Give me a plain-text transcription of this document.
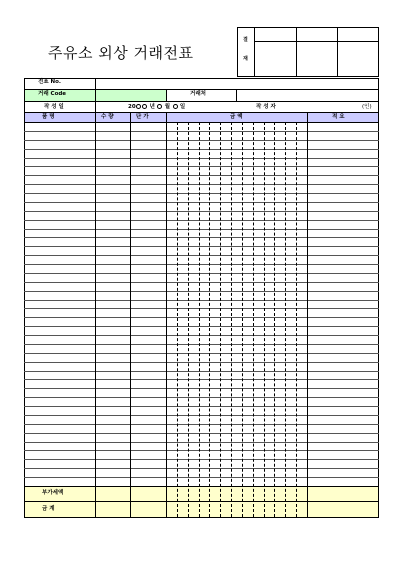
주유소 외상 거래전표
결
재
전표 No.
거래 Code	거래처
작 성 일	20	년 월 일	작 성 자	(인)
품 명	수 량	단 가	금 액	적 요
부가세액
금 계
